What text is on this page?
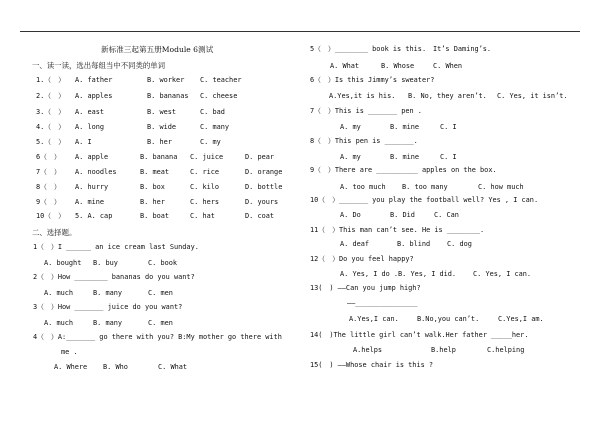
新标准三起第五册Module 6测试
一、读一读，选出每组当中不同类的单词
1.（　） A. father	B. worker C. teacher
2.（　） A. apples	B. bananas C. cheese
3.（　） A. east	B. west	C. bad
4.（　） A. long	B. wide	C. many
5.（　） A. I	B. her	C. my
6（　） A. apple	B. banana C. juice	D. pear
7（　） A. noodles	B. meat	C. rice	D. orange
8（　） A. hurry	B. box	C. kilo	D. bottle
9（　） A. mine	B. her	C. hers	D. yours
10（　） 5. A. cap	B. boat	C. hat	D. coat
二、选择题。
1（　）I ______ an ice cream last Sunday.
A. bought B. buy	C. book
2（　）How ________ bananas do you want?
A. much	B. many	C. men
3（　）How _______ juice do you want?
A. much	B. many	C. men
4（　）A:_______ go there with you? B:My mother go there with
me .
A. Where B. Who	C. What
5（　）________ book is this.　It’s Daming’s.
A. What	B. Whose	C. When
6（　）Is this Jimmy’s sweater?
A.Yes,it is his. B. No, they aren’t. C. Yes, it isn’t.
7（　）This is _______ pen .
A. my	B. mine	C. I
8（　）This pen is _______.
A. my	B. mine	C. I
9（　）There are __________ apples on the box.
A. too much B. too many	C. how much
10（　）_______ you play the football well? Yes , I can.
A. Do	B. Did	C. Can
11（　）This man can’t see. He is ________.
A. deaf	B. blind C. dog
12（　）Do you feel happy?
A. Yes, I do . B. Yes, I did. C. Yes, I can.
13(　) ——Can you jump high?
——_______________
A.Yes,I can.	B.No,you can’t.	C.Yes,I am.
14(　)The little girl can’t walk.Her father _____her.
A.helps	B.help	C.helping
15(　) ——Whose chair is this ?
